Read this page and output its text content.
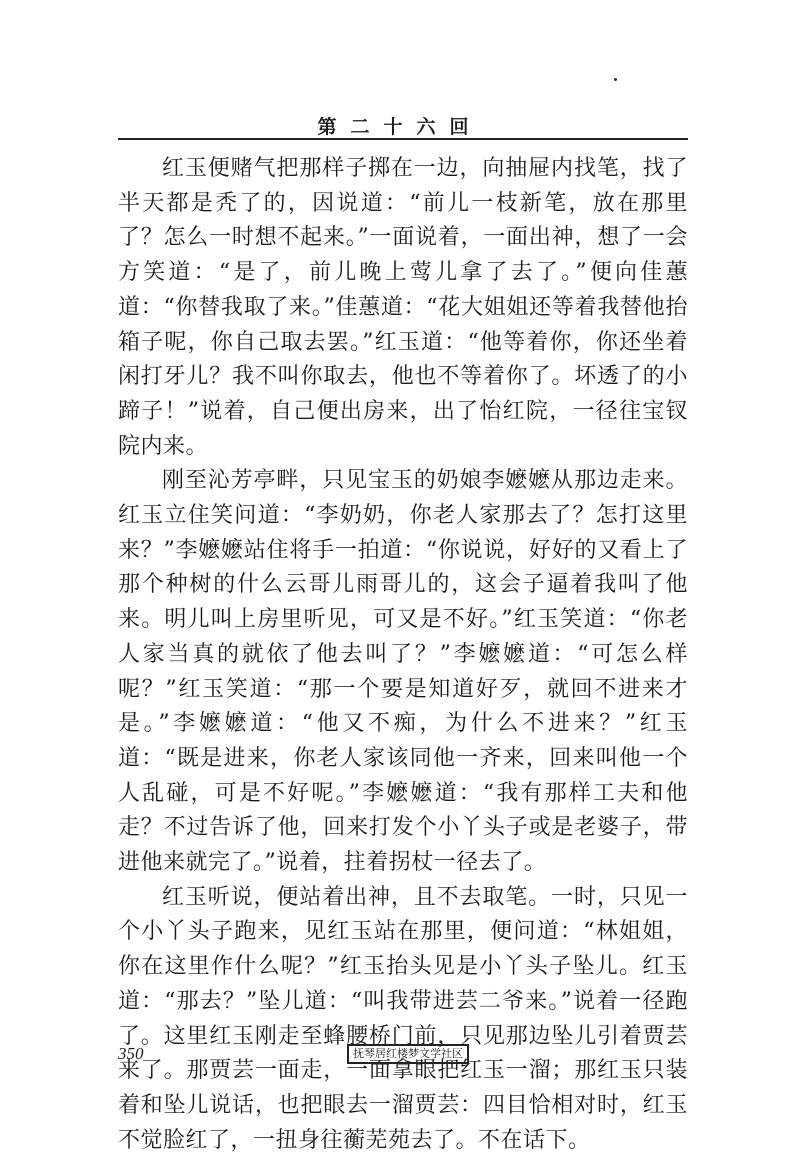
第二十六回

红玉便赌气把那样子掷在一边，向抽屉内找笔，找了半天都是秃了的，因说道：“前儿一枝新笔，放在那里了？怎么一时想不起来。”一面说着，一面出神，想了一会方笑道：“是了，前儿晚上莺儿拿了去了。”便向佳蕙道：“你替我取了来。”佳蕙道：“花大姐姐还等着我替他抬箱子呢，你自己取去罢。”红玉道：“他等着你，你还坐着闲打牙儿？我不叫你取去，他也不等着你了。坏透了的小蹄子！”说着，自己便出房来，出了怡红院，一径往宝钗院内来。

刚至沁芳亭畔，只见宝玉的奶娘李嬷嬷从那边走来。红玉立住笑问道：“李奶奶，你老人家那去了？怎打这里来？”李嬷嬷站住将手一拍道：“你说说，好好的又看上了那个种树的什么云哥儿雨哥儿的，这会子逼着我叫了他来。明儿叫上房里听见，可又是不好。”红玉笑道：“你老人家当真的就依了他去叫了？”李嬷嬷道：“可怎么样呢？”红玉笑道：“那一个要是知道好歹，就回不进来才是。”李嬷嬷道：“他又不痴，为什么不进来？”红玉道：“既是进来，你老人家该同他一齐来，回来叫他一个人乱碰，可是不好呢。”李嬷嬷道：“我有那样工夫和他走？不过告诉了他，回来打发个小丫头子或是老婆子，带进他来就完了。”说着，拄着拐杖一径去了。

红玉听说，便站着出神，且不去取笔。一时，只见一个小丫头子跑来，见红玉站在那里，便问道：“林姐姐，你在这里作什么呢？”红玉抬头见是小丫头子坠儿。红玉道：“那去？”坠儿道：“叫我带进芸二爷来。”说着一径跑了。这里红玉刚走至蜂腰桥门前，只见那边坠儿引着贾芸来了。那贾芸一面走，一面拿眼把红玉一溜；那红玉只装着和坠儿说话，也把眼去一溜贾芸：四目恰相对时，红玉不觉脸红了，一扭身往蘅芜苑去了。不在话下。

350	抚琴居红楼梦文学社区
